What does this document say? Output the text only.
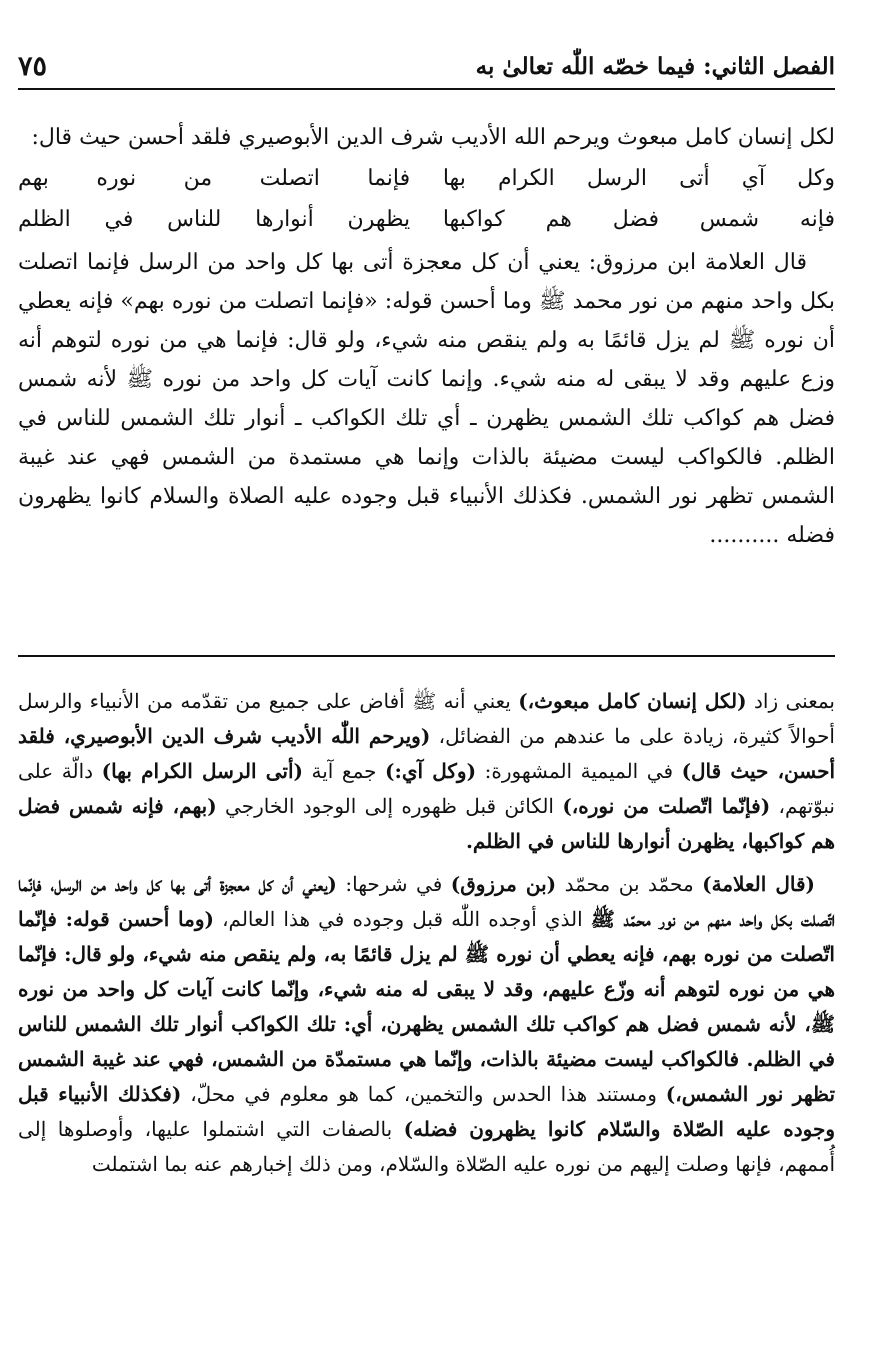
الفصل الثاني: فيما خصّه اللّٰه تعالىٰ به
٧٥

لكل إنسان كامل مبعوث ويرحم الله الأديب شرف الدين الأبوصيري فلقد أحسن حيث قال:

وكل آي أتى الرسل الكرام بها
فإنما اتصلت من نوره بهم
فإنه شمس فضل هم كواكبها
يظهرن أنوارها للناس في الظلم

قال العلامة ابن مرزوق: يعني أن كل معجزة أتى بها كل واحد من الرسل فإنما اتصلت بكل واحد منهم من نور محمد ﷺ وما أحسن قوله: «فإنما اتصلت من نوره بهم» فإنه يعطي أن نوره ﷺ لم يزل قائمًا به ولم ينقص منه شيء، ولو قال: فإنما هي من نوره لتوهم أنه وزع عليهم وقد لا يبقى له منه شيء. وإنما كانت آيات كل واحد من نوره ﷺ لأنه شمس فضل هم كواكب تلك الشمس يظهرن ـ أي تلك الكواكب ـ أنوار تلك الشمس للناس في الظلم. فالكواكب ليست مضيئة بالذات وإنما هي مستمدة من الشمس فهي عند غيبة الشمس تظهر نور الشمس. فكذلك الأنبياء قبل وجوده عليه الصلاة والسلام كانوا يظهرون فضله ..........

بمعنى زاد (لكل إنسان كامل مبعوث،) يعني أنه ﷺ أفاض على جميع من تقدّمه من الأنبياء والرسل أحوالاً كثيرة، زيادة على ما عندهم من الفضائل، (ويرحم اللّٰه الأديب شرف الدين الأبوصيري، فلقد أحسن، حيث قال) في الميمية المشهورة: (وكل آي:) جمع آية (أتى الرسل الكرام بها) دالّة على نبوّتهم، (فإنّما اتّصلت من نوره،) الكائن قبل ظهوره إلى الوجود الخارجي (بهم، فإنه شمس فضل هم كواكبها، يظهرن أنوارها للناس في الظلم.

(قال العلامة) محمّد بن محمّد (بن مرزوق) في شرحها: (يعني أن كل معجزة أتى بها كل واحد من الرسل، فإنّما اتّصلت بكل واحد منهم من نور محمّد ﷺ الذي أوجده اللّٰه قبل وجوده في هذا العالم، (وما أحسن قوله: فإنّما اتّصلت من نوره بهم، فإنه يعطي أن نوره ﷺ لم يزل قائمًا به، ولم ينقص منه شيء، ولو قال: فإنّما هي من نوره لتوهم أنه وزّع عليهم، وقد لا يبقى له منه شيء، وإنّما كانت آيات كل واحد من نوره ﷺ، لأنه شمس فضل هم كواكب تلك الشمس يظهرن، أي: تلك الكواكب أنوار تلك الشمس للناس في الظلم. فالكواكب ليست مضيئة بالذات، وإنّما هي مستمدّة من الشمس، فهي عند غيبة الشمس تظهر نور الشمس،) ومستند هذا الحدس والتخمين، كما هو معلوم في محلّ، (فكذلك الأنبياء قبل وجوده عليه الصّلاة والسّلام كانوا يظهرون فضله) بالصفات التي اشتملوا عليها، وأوصلوها إلى أُممهم، فإنها وصلت إليهم من نوره عليه الصّلاة والسّلام، ومن ذلك إخبارهم عنه بما اشتملت
